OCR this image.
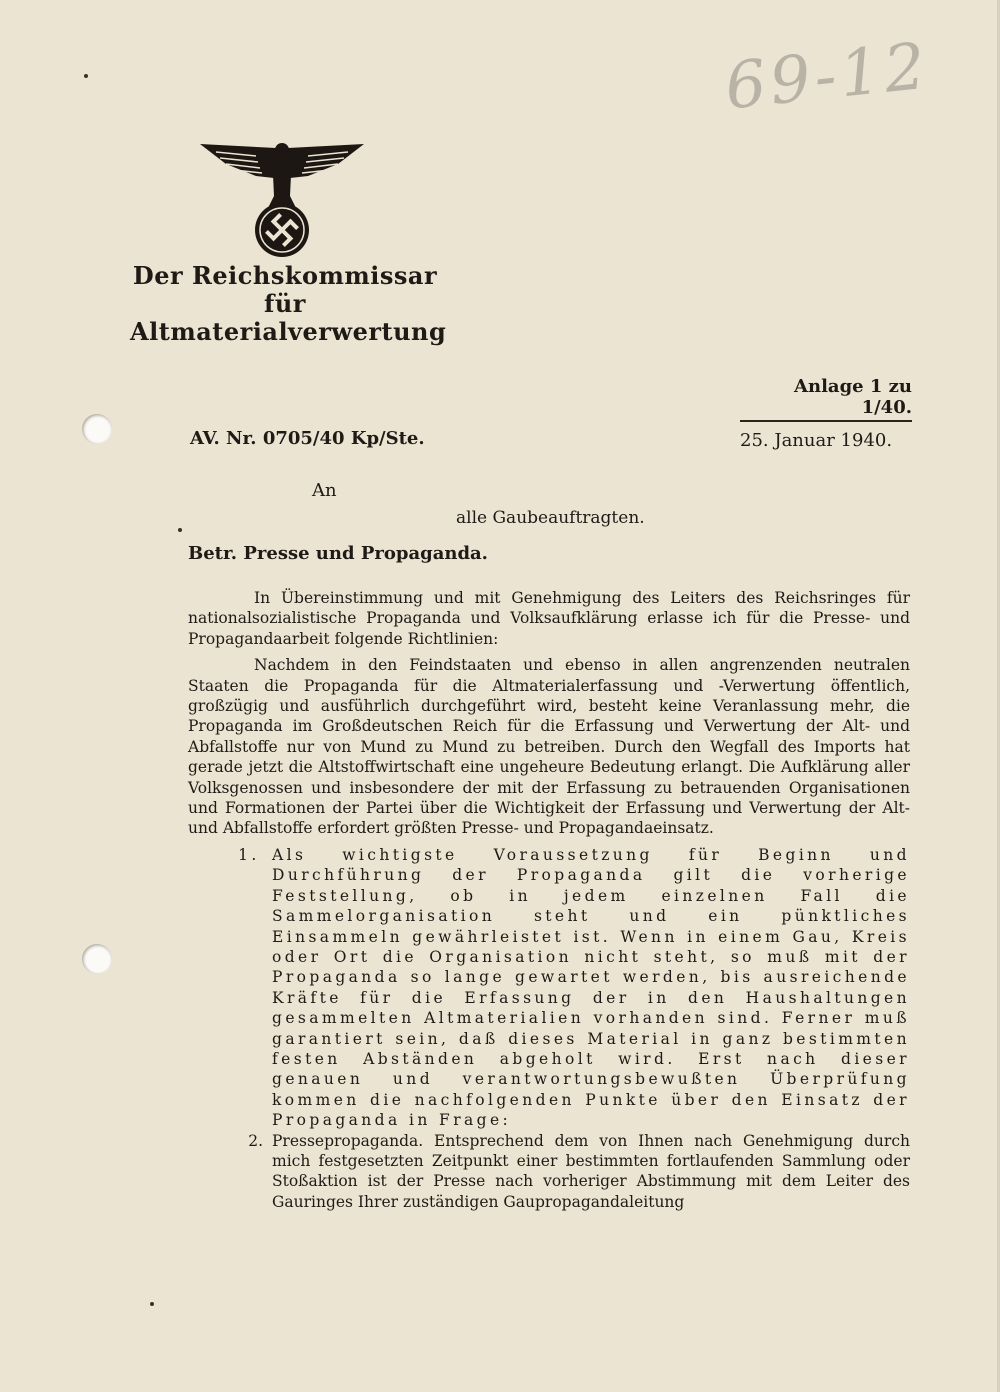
69-12
Der Reichskommissar
für Altmaterialverwertung
Anlage 1 zu 1/40.
AV. Nr. 0705/40 Kp/Ste.	25. Januar 1940.
An
alle Gaubeauftragten.
Betr. Presse und Propaganda.

In Übereinstimmung und mit Genehmigung des Leiters des Reichsringes für nationalsozialistische Propaganda und Volksaufklärung erlasse ich für die Presse- und Propagandaarbeit folgende Richtlinien:

Nachdem in den Feindstaaten und ebenso in allen angrenzenden neutralen Staaten die Propaganda für die Altmaterialerfassung und -Verwertung öffentlich, großzügig und ausführlich durchgeführt wird, besteht keine Veranlassung mehr, die Propaganda im Großdeutschen Reich für die Erfassung und Verwertung der Alt- und Abfallstoffe nur von Mund zu Mund zu betreiben. Durch den Wegfall des Imports hat gerade jetzt die Altstoffwirtschaft eine ungeheure Bedeutung erlangt. Die Aufklärung aller Volksgenossen und insbesondere der mit der Erfassung zu betrauenden Organisationen und Formationen der Partei über die Wichtigkeit der Erfassung und Verwertung der Alt- und Abfallstoffe erfordert größten Presse- und Propagandaeinsatz.

1. Als wichtigste Voraussetzung für Beginn und Durchführung der Propaganda gilt die vorherige Feststellung, ob in jedem einzelnen Fall die Sammelorganisation steht und ein pünktliches Einsammeln gewährleistet ist. Wenn in einem Gau, Kreis oder Ort die Organisation nicht steht, so muß mit der Propaganda so lange gewartet werden, bis ausreichende Kräfte für die Erfassung der in den Haushaltungen gesammelten Altmaterialien vorhanden sind. Ferner muß garantiert sein, daß dieses Material in ganz bestimmten festen Abständen abgeholt wird. Erst nach dieser genauen und verantwortungsbewußten Überprüfung kommen die nachfolgenden Punkte über den Einsatz der Propaganda in Frage:
2. Pressepropaganda. Entsprechend dem von Ihnen nach Genehmigung durch mich festgesetzten Zeitpunkt einer bestimmten fortlaufenden Sammlung oder Stoßaktion ist der Presse nach vorheriger Abstimmung mit dem Leiter des Gauringes Ihrer zuständigen Gaupropagandaleitung
